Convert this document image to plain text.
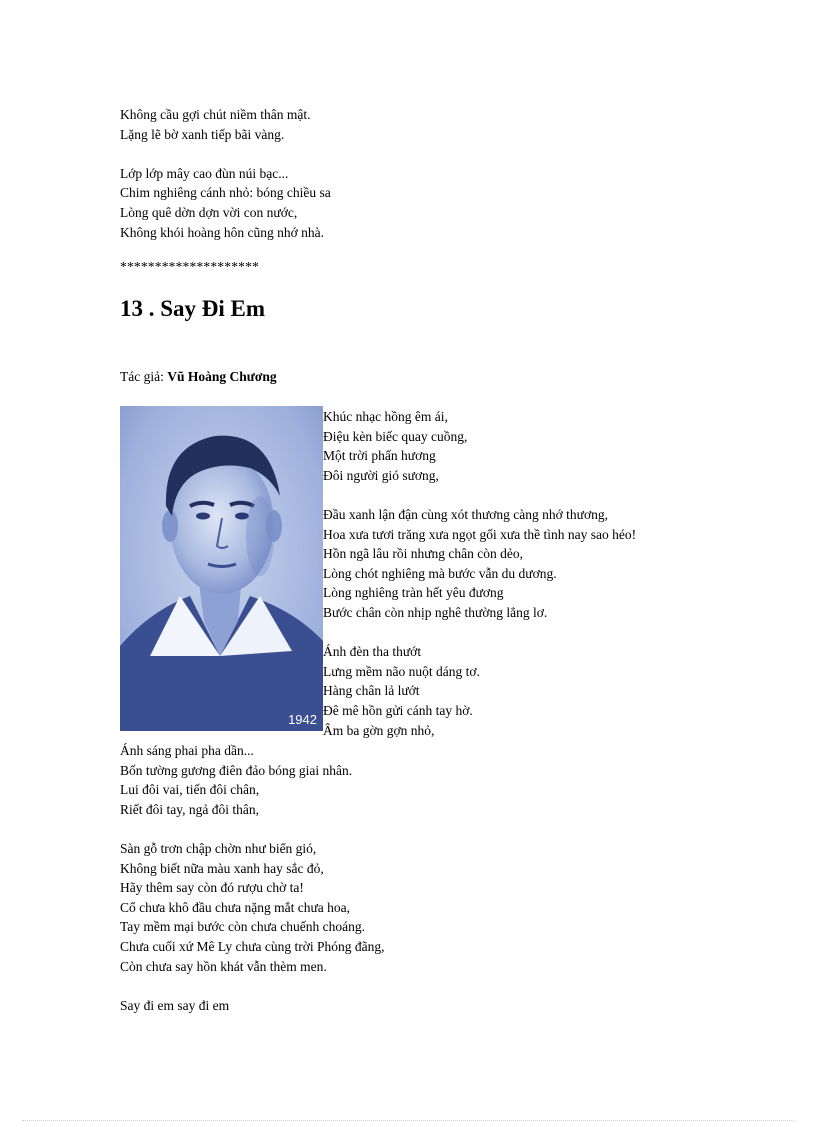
Không cầu gợi chút niềm thân mật.
Lặng lẽ bờ xanh tiếp bãi vàng.
Lớp lớp mây cao đùn núi bạc...
Chim nghiêng cánh nhỏ: bóng chiều sa
Lòng quê dờn dợn vời con nước,
Không khói hoàng hôn cũng nhớ nhà.
********************
13 . Say Đi Em
Tác giả: Vũ Hoàng Chương
1942
Khúc nhạc hồng êm ái,
Điệu kèn biếc quay cuồng,
Một trời phấn hương
Đôi người gió sương,
Đầu xanh lận đận cùng xót thương càng nhớ thương,
Hoa xưa tươi trăng xưa ngọt gối xưa thề tình nay sao héo!
Hồn ngã lâu rồi nhưng chân còn dẻo,
Lòng chót nghiêng mà bước vẫn du dương.
Lòng nghiêng tràn hết yêu đương
Bước chân còn nhịp nghê thường lẳng lơ.
Ánh đèn tha thướt
Lưng mềm não nuột dáng tơ.
Hàng chân lả lướt
Đê mê hồn gửi cánh tay hờ.
Âm ba gờn gợn nhỏ,
Ánh sáng phai pha dần...
Bốn tường gương điên đảo bóng giai nhân.
Lui đôi vai, tiến đôi chân,
Riết đôi tay, ngả đôi thân,
Sàn gỗ trơn chập chờn như biển gió,
Không biết nữa màu xanh hay sắc đỏ,
Hãy thêm say còn đó rượu chờ ta!
Cổ chưa khô đầu chưa nặng mắt chưa hoa,
Tay mềm mại bước còn chưa chuếnh choáng.
Chưa cuối xứ Mê Ly chưa cùng trời Phóng đãng,
Còn chưa say hồn khát vẫn thèm men.
Say đi em say đi em
